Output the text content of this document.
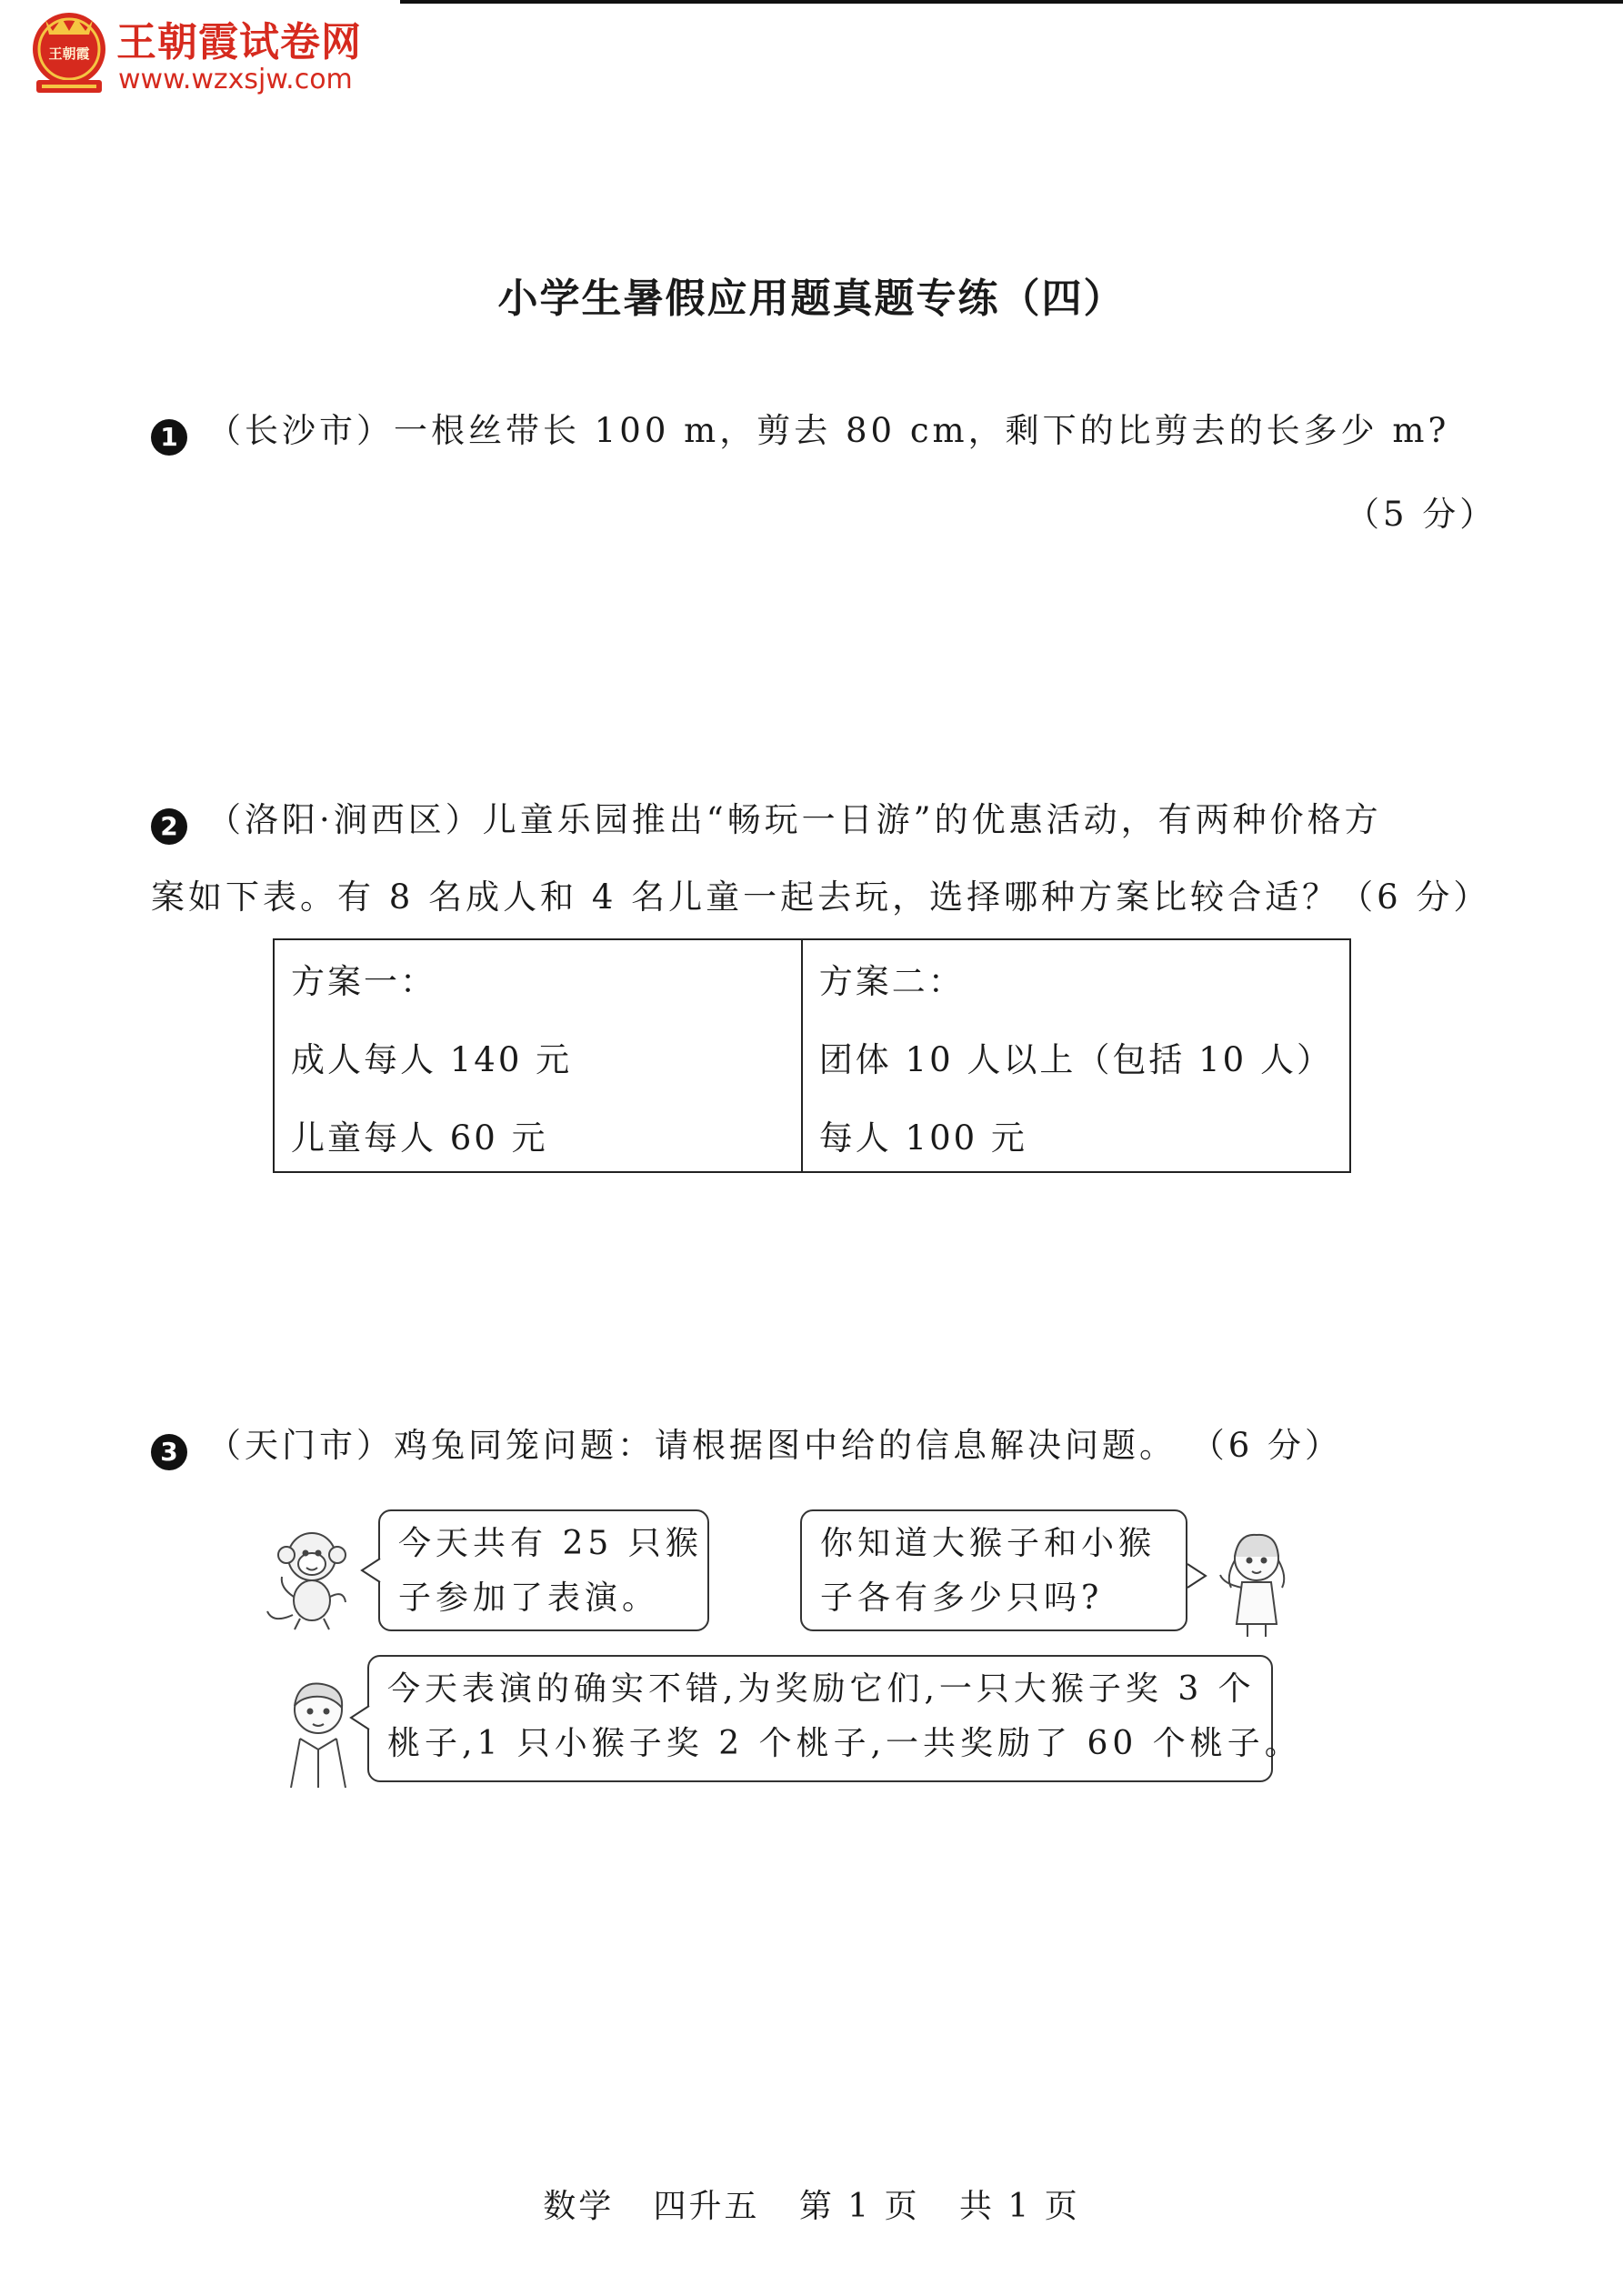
王朝霞 王朝霞试卷网
www.wzxsjw.com
小学生暑假应用题真题专练（四）
1 （长沙市）一根丝带长 100 m，剪去 80 cm，剩下的比剪去的长多少 m?
（5 分）
2 （洛阳·涧西区）儿童乐园推出“畅玩一日游”的优惠活动，有两种价格方
案如下表。有 8 名成人和 4 名儿童一起去玩，选择哪种方案比较合适？（6 分）
方案一：
成人每人 140 元
儿童每人 60 元
方案二：
团体 10 人以上（包括 10 人）
每人 100 元
3 （天门市）鸡兔同笼问题：请根据图中给的信息解决问题。 （6 分）
今天共有 25 只猴
子参加了表演。
你知道大猴子和小猴
子各有多少只吗?
今天表演的确实不错,为奖励它们,一只大猴子奖 3 个
桃子,1 只小猴子奖 2 个桃子,一共奖励了 60 个桃子。
数学   四升五   第 1 页   共 1 页
